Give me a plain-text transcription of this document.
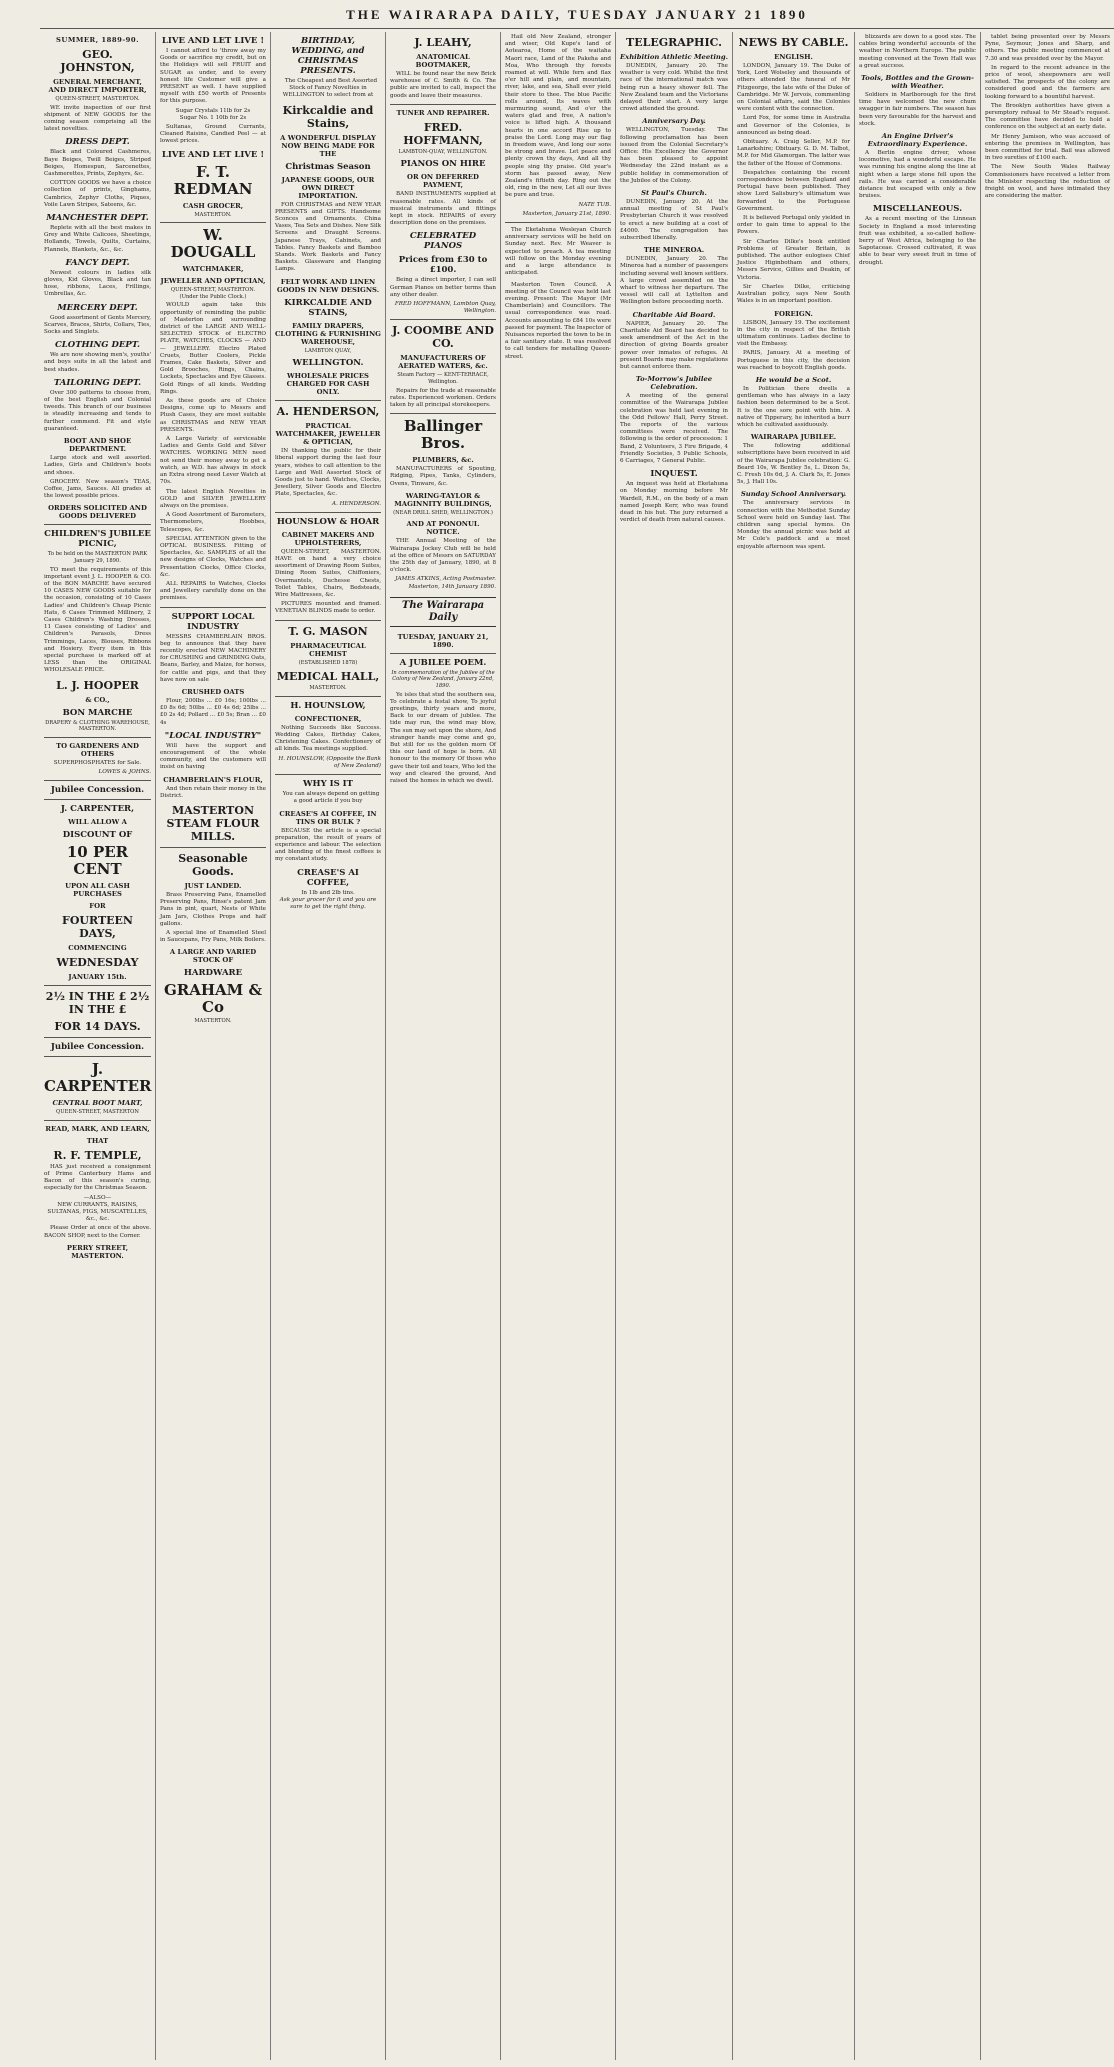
THE WAIRARAPA DAILY, TUESDAY JANUARY 21 1890
SUMMER, 1889-90.
GEO. JOHNSTON,
GENERAL MERCHANT, AND DIRECT IMPORTER,
QUEEN-STREET, MASTERTON.
WE invite inspection of our first shipment of NEW GOODS for the coming season comprising all the latest novelties.
DRESS DEPT.
Black and Coloured Cashmeres, Baye Beiges, Twill Beiges, Striped Beiges, Homespun, Sarcenettes, Cashmerettes, Prints, Zephyrs, &c.
COTTON GOODS we have a choice collection of prints, Ginghams, Cambrics, Zephyr Cloths, Piques, Voile Lawn Stripes, Sateens, &c.
MANCHESTER DEPT.
Replete with all the best makes in Grey and White Calicoes, Sheetings, Hollands, Towels, Quilts, Curtains, Flannels, Blankets, &c., &c.
FANCY DEPT.
Newest colours in ladies silk gloves, Kid Gloves, Black and tan hose, ribbons, Laces, Frillings, Umbrellas, &c.
MERCERY DEPT.
Good assortment of Gents Mercery, Scarves, Braces, Shirts, Collars, Ties, Socks and Singlets.
CLOTHING DEPT.
We are now showing men's, youths' and boys suits in all the latest and best shades.
TAILORING DEPT.
Over 300 patterns to choose from, of the best English and Colonial tweeds. This branch of our business is steadily increasing and tends to further commend. Fit and style guaranteed.
BOOT AND SHOE DEPARTMENT.
Large stock and well assorted. Ladies, Girls and Children's boots and shoes.
GROCERY. New season's TEAS, Coffee, Jams, Sauces. All grades at the lowest possible prices.
ORDERS SOLICITED AND GOODS DELIVERED
CHILDREN'S JUBILEE PICNIC,
To be held on the MASTERTON PARK January 29, 1890.
TO meet the requirements of this important event J. L. HOOPER & CO. of the BON MARCHE have secured 10 CASES NEW GOODS suitable for the occasion, consisting of 10 Cases Ladies' and Children's Cheap Picnic Hats, 6 Cases Trimmed Millinery, 2 Cases Children's Washing Dresses, 11 Cases consisting of Ladies' and Children's Parasols, Dress Trimmings, Laces, Blouses, Ribbons and Hosiery. Every item in this special purchase is marked off at LESS than the ORIGINAL WHOLESALE PRICE.
L. J. HOOPER
& CO.,
BON MARCHE
DRAPERY & CLOTHING WAREHOUSE,
MASTERTON.
TO GARDENERS AND OTHERS
SUPERPHOSPHATES for Sale.
LOWES & JOHNS.
Jubilee Concession.
J. CARPENTER,
WILL ALLOW A
DISCOUNT OF
10 PER CENT
UPON ALL CASH PURCHASES
FOR
FOURTEEN DAYS,
COMMENCING
WEDNESDAY
JANUARY 15th.
2½ IN THE £ 2½ IN THE £
FOR 14 DAYS.
Jubilee Concession.
J. CARPENTER
CENTRAL BOOT MART,
QUEEN-STREET, MASTERTON
READ, MARK, AND LEARN,
THAT
R. F. TEMPLE,
HAS just received a consignment of Prime Canterbury Hams and Bacon of this season's curing, especially for the Christmas Season.
—ALSO—
NEW CURRANTS, RAISINS, SULTANAS, FIGS, MUSCATELLES, &c., &c.
Please Order at once of the above. BACON SHOP, next to the Corner.
PERRY STREET, MASTERTON.
LIVE AND LET LIVE !
I cannot afford to 'throw away my Goods or sacrifice my credit, but on the Holidays will sell FRUIT and SUGAR as under, and to every honest life Customer will give a PRESENT as well. I have supplied myself with £50 worth of Presents for this purpose.
Sugar Crystals 11lb for 2s
Sugar No. 1 10lb for 2s
Sultanas, Ground Currants, Cleaned Raisins, Candied Peel — at lowest prices.
LIVE AND LET LIVE !
F. T. REDMAN
CASH GROCER,
MASTERTON.
W. DOUGALL
WATCHMAKER,
JEWELLER AND OPTICIAN,
QUEEN-STREET, MASTERTON.
(Under the Public Clock.)
WOULD again take this opportunity of reminding the public of Masterton and surrounding district of the LARGE AND WELL-SELECTED STOCK of ELECTRO PLATE, WATCHES, CLOCKS — AND — JEWELLERY. Electro Plated Cruets, Butter Coolers, Pickle Frames, Cake Baskets, Silver and Gold Brooches, Rings, Chains, Lockets, Spectacles and Eye Glasses. Gold Rings of all kinds. Wedding Rings.
As these goods are of Choice Designs, come up to Messrs and Plush Cases, they are most suitable as CHRISTMAS and NEW YEAR PRESENTS.
A Large Variety of serviceable Ladies and Gents Gold and Silver WATCHES. WORKING MEN need not send their money away to get a watch, as W.D. has always in stock an Extra strong need Lever Watch at 70s.
The latest English Novelties in GOLD and SILVER JEWELLERY always on the premises.
A Good Assortment of Barometers, Thermometers, Hoobbes, Telescopes, &c.
SPECIAL ATTENTION given to the OPTICAL BUSINESS. Fitting of Spectacles, &c. SAMPLES of all the new designs of Clocks, Watches and Presentation Clocks, Office Clocks, &c.
ALL REPAIRS to Watches, Clocks and Jewellery carefully done on the premises.
SUPPORT LOCAL INDUSTRY
MESSRS CHAMBERLAIN BROS. beg to announce that they have recently erected NEW MACHINERY for CRUSHING and GRINDING Oats, Beans, Barley, and Maize, for horses, for cattle and pigs, and that they have now on sale
CRUSHED OATS
Flour, 200lbs ... £0 16s; 100lbs ... £0 8s 6d; 50lbs ... £0 4s 6d; 25lbs ... £0 2s 4d; Pollard ... £0 5s; Bran ... £0 4s
"LOCAL INDUSTRY"
Will have the support and encouragement of the whole community, and the customers will insist on having
CHAMBERLAIN'S FLOUR,
And then retain their money in the District.
MASTERTON STEAM FLOUR MILLS.
Seasonable Goods.
JUST LANDED.
Brass Preserving Pans, Enamelled Preserving Pans, Rinse's patent Jam Pans in pint, quart, Nests of White Jam Jars, Clothes Props and half gallons.
A special line of Enamelled Steel in Saucepans, Fry Pans, Milk Boilers.
A LARGE AND VARIED STOCK OF
HARDWARE
GRAHAM & Co
MASTERTON.
BIRTHDAY, WEDDING, and CHRISTMAS PRESENTS.
The Cheapest and Best Assorted Stock of Fancy Novelties in WELLINGTON to select from at
Kirkcaldie and Stains,
A WONDERFUL DISPLAY NOW BEING MADE FOR THE
Christmas Season
JAPANESE GOODS, OUR OWN DIRECT IMPORTATION.
FOR CHRISTMAS and NEW YEAR PRESENTS and GIFTS. Handsome Sconces and Ornaments. China Vases, Tea Sets and Dishes. New Silk Screens and Draught Screens. Japanese Trays, Cabinets, and Tables. Fancy Baskets and Bamboo Stands. Work Baskets and Fancy Baskets. Glassware and Hanging Lamps.
FELT WORK AND LINEN GOODS IN NEW DESIGNS.
KIRKCALDIE AND STAINS,
FAMILY DRAPERS, CLOTHING & FURNISHING WAREHOUSE,
LAMBTON QUAY,
WELLINGTON.
WHOLESALE PRICES CHARGED FOR CASH ONLY.
A. HENDERSON,
PRACTICAL WATCHMAKER, JEWELLER & OPTICIAN,
IN thanking the public for their liberal support during the last four years, wishes to call attention to the Large and Well Assorted Stock of Goods just to hand. Watches, Clocks, Jewellery, Silver Goods and Electro Plate, Spectacles, &c.
A. HENDERSON.
HOUNSLOW & HOAR
CABINET MAKERS AND UPHOLSTERERS,
QUEEN-STREET, MASTERTON. HAVE on hand a very choice assortment of Drawing Room Suites, Dining Room Suites, Chiffoniers, Overmantels, Duchesse Chests, Toilet Tables, Chairs, Bedsteads, Wire Mattresses, &c.
PICTURES mounted and framed. VENETIAN BLINDS made to order.
T. G. MASON
PHARMACEUTICAL CHEMIST
(ESTABLISHED 1878)
MEDICAL HALL,
MASTERTON.
H. HOUNSLOW,
CONFECTIONER,
Nothing Succeeds like Success. Wedding Cakes, Birthday Cakes, Christening Cakes. Confectionery of all kinds. Tea meetings supplied.
H. HOUNSLOW, (Opposite the Bank of New Zealand)
WHY IS IT
You can always depend on getting a good article if you buy
CREASE'S AI COFFEE, IN TINS OR BULK ?
BECAUSE the article is a special preparation, the result of years of experience and labour. The selection and blending of the finest coffees is my constant study.
CREASE'S AI COFFEE,
In 1lb and 2lb tins.
Ask your grocer for it and you are sure to get the right thing.
J. LEAHY,
ANATOMICAL BOOTMAKER,
WILL be found near the new Brick warehouse of C. Smith & Co. The public are invited to call, inspect the goods and leave their measures.
TUNER AND REPAIRER.
FRED. HOFFMANN,
LAMBTON-QUAY, WELLINGTON.
PIANOS ON HIRE
OR ON DEFERRED PAYMENT,
BAND INSTRUMENTS supplied at reasonable rates. All kinds of musical instruments and fittings kept in stock. REPAIRS of every description done on the premises.
CELEBRATED PIANOS
Prices from £30 to £100.
Being a direct importer, I can sell German Pianos on better terms than any other dealer.
FRED HOFFMANN, Lambton Quay, Wellington.
J. COOMBE AND CO.
MANUFACTURERS OF AERATED WATERS, &c.
Steam Factory — KENT-TERRACE, Wellington.
Repairs for the trade at reasonable rates. Experienced workmen. Orders taken by all principal storekeepers.
Ballinger Bros.
PLUMBERS, &c.
MANUFACTURERS of Spouting, Ridging, Pipes, Tanks, Cylinders, Ovens, Tinware, &c.
WARING-TAYLOR & MAGINNITY BUILDINGS,
(NEAR DRILL SHED, WELLINGTON.)
AND AT PONONUI. NOTICE.
THE Annual Meeting of the Wairarapa Jockey Club will be held at the office of Messrs on SATURDAY the 25th day of January, 1890, at 8 o'clock.
JAMES ATKINS, Acting Postmaster. Masterton, 14th January 1890.
The Wairarapa Daily
TUESDAY, JANUARY 21, 1890.
A JUBILEE POEM.
In commemoration of the Jubilee of the Colony of New Zealand, January 22nd, 1890.
Ye isles that stud the southern sea, To celebrate a festal show, To joyful greetings, thirty years and more, Back to our dream of jubilee. The tide may run, the wind may blow, The sun may set upon the shore, And stranger hands may come and go, But still for us the golden morn Of this our land of hope is born. All honour to the memory Of those who gave their toil and tears, Who led the way and cleared the ground, And raised the homes in which we dwell.
Hail old New Zealand, stronger and wiser, Old Kupe's land of Aotearoa, Home of the waitaha Maori race, Land of the Pakeha and Moa, Who through thy forests roamed at will. While fern and flax o'er hill and plain, and mountain, river, lake, and sea, Shall ever yield their store to thee. The blue Pacific rolls around, Its waves with murmuring sound, And o'er the waters glad and free, A nation's voice is lifted high. A thousand hearts in one accord Rise up to praise the Lord. Long may our flag in freedom wave, And long our sons be strong and brave. Let peace and plenty crown thy days, And all thy people sing thy praise. Old year's storm has passed away, New Zealand's fiftieth day. Ring out the old, ring in the new, Let all our lives be pure and true.
NATE TUB.
Masterton, January 21st, 1890.
The Eketahuna Wesleyan Church anniversary services will be held on Sunday next. Rev. Mr Weaver is expected to preach. A tea meeting will follow on the Monday evening and a large attendance is anticipated.
Masterton Town Council. A meeting of the Council was held last evening. Present: The Mayor (Mr Chamberlain) and Councillors. The usual correspondence was read. Accounts amounting to £84 10s were passed for payment. The Inspector of Nuisances reported the town to be in a fair sanitary state. It was resolved to call tenders for metalling Queen-street.
TELEGRAPHIC.
Exhibition Athletic Meeting.
DUNEDIN, January 20. The weather is very cold. Whilst the first race of the international match was being run a heavy shower fell. The New Zealand team and the Victorians delayed their start. A very large crowd attended the ground.
Anniversary Day.
WELLINGTON, Tuesday. The following proclamation has been issued from the Colonial Secretary's Office: His Excellency the Governor has been pleased to appoint Wednesday the 22nd instant as a public holiday in commemoration of the Jubilee of the Colony.
St Paul's Church.
DUNEDIN, January 20. At the annual meeting of St Paul's Presbyterian Church it was resolved to erect a new building at a cost of £4000. The congregation has subscribed liberally.
THE MINEROA.
DUNEDIN, January 20. The Mineroa had a number of passengers including several well known settlers. A large crowd assembled on the wharf to witness her departure. The vessel will call at Lyttelton and Wellington before proceeding north.
Charitable Aid Board.
NAPIER, January 20. The Charitable Aid Board has decided to seek amendment of the Act in the direction of giving Boards greater power over inmates of refuges. At present Boards may make regulations but cannot enforce them.
To-Morrow's Jubilee Celebration.
A meeting of the general committee of the Wairarapa Jubilee celebration was held last evening in the Odd Fellows' Hall, Perry Street. The reports of the various committees were received. The following is the order of procession: 1 Band, 2 Volunteers, 3 Fire Brigade, 4 Friendly Societies, 5 Public Schools, 6 Carriages, 7 General Public.
INQUEST.
An inquest was held at Eketahuna on Monday morning before Mr Wardell, R.M., on the body of a man named Joseph Kerr, who was found dead in his hut. The jury returned a verdict of death from natural causes.
NEWS BY CABLE.
ENGLISH.
LONDON, January 19. The Duke of York, Lord Wolseley and thousands of others attended the funeral of Mr Fitzgeorge, the late wife of the Duke of Cambridge. Mr W. Jervois, commenting on Colonial affairs, said the Colonies were content with the connection.
Lord Fox, for some time in Australia and Governor of the Colonies, is announced as being dead.
Obituary. A. Craig Seller, M.P. for Lanarkshire; Obituary. G. D. M. Talbot, M.P. for Mid Glamorgan. The latter was the father of the House of Commons.
Despatches containing the recent correspondence between England and Portugal have been published. They show Lord Salisbury's ultimatum was forwarded to the Portuguese Government.
It is believed Portugal only yielded in order to gain time to appeal to the Powers.
Sir Charles Dilke's book entitled Problems of Greater Britain, is published. The author eulogises Chief Justice Higinbotham and others, Messrs Service, Gillies and Deakin, of Victoria.
Sir Charles Dilke, criticising Australian policy, says New South Wales is in an important position.
FOREIGN.
LISBON, January 19. The excitement in the city in respect of the British ultimatum continues. Ladies decline to visit the Embassy.
PARIS, January. At a meeting of Portuguese in this city, the decision was reached to boycott English goods.
He would be a Scot.
In Politician there dwells a gentleman who has always in a lazy fashion been determined to be a Scot. It is the one sore point with him. A native of Tipperary, he inherited a burr which he cultivated assiduously.
WAIRARAPA JUBILEE.
The following additional subscriptions have been received in aid of the Wairarapa Jubilee celebration: G. Beard 10s, W. Bentley 5s, L. Dixon 5s, C. Fresh 10s 6d, J. A. Clark 5s, E. Jones 5s, J. Hall 10s.
Sunday School Anniversary.
The anniversary services in connection with the Methodist Sunday School were held on Sunday last. The children sang special hymns. On Monday the annual picnic was held at Mr Cole's paddock and a most enjoyable afternoon was spent.
blizzards are down to a good size. The cables bring wonderful accounts of the weather in Northern Europe. The public meeting convened at the Town Hall was a great success.
Tools, Bottles and the Grown-with Weather.
Soldiers in Marlborough for the first time have welcomed the new chum swagger in fair numbers. The season has been very favourable for the harvest and stock.
An Engine Driver's Extraordinary Experience.
A Berlin engine driver, whose locomotive, had a wonderful escape. He was running his engine along the line at night when a large stone fell upon the rails. He was carried a considerable distance but escaped with only a few bruises.
MISCELLANEOUS.
As a recent meeting of the Linnean Society in England a most interesting fruit was exhibited, a so-called hollow-berry of West Africa, belonging to the Sapotaceae. Crossed cultivated, it was able to bear very sweet fruit in time of drought.
tablet being presented over by Messrs Pyne, Seymour, Jones and Sharp, and others. The public meeting commenced at 7.30 and was presided over by the Mayor.
In regard to the recent advance in the price of wool, sheepowners are well satisfied. The prospects of the colony are considered good and the farmers are looking forward to a bountiful harvest.
The Brooklyn authorities have given a peremptory refusal to Mr Stead's request. The committee have decided to hold a conference on the subject at an early date.
Mr Henry Jamison, who was accused of entering the premises in Wellington, has been committed for trial. Bail was allowed in two sureties of £100 each.
The New South Wales Railway Commissioners have received a letter from the Minister respecting the reduction of freight on wool, and have intimated they are considering the matter.
